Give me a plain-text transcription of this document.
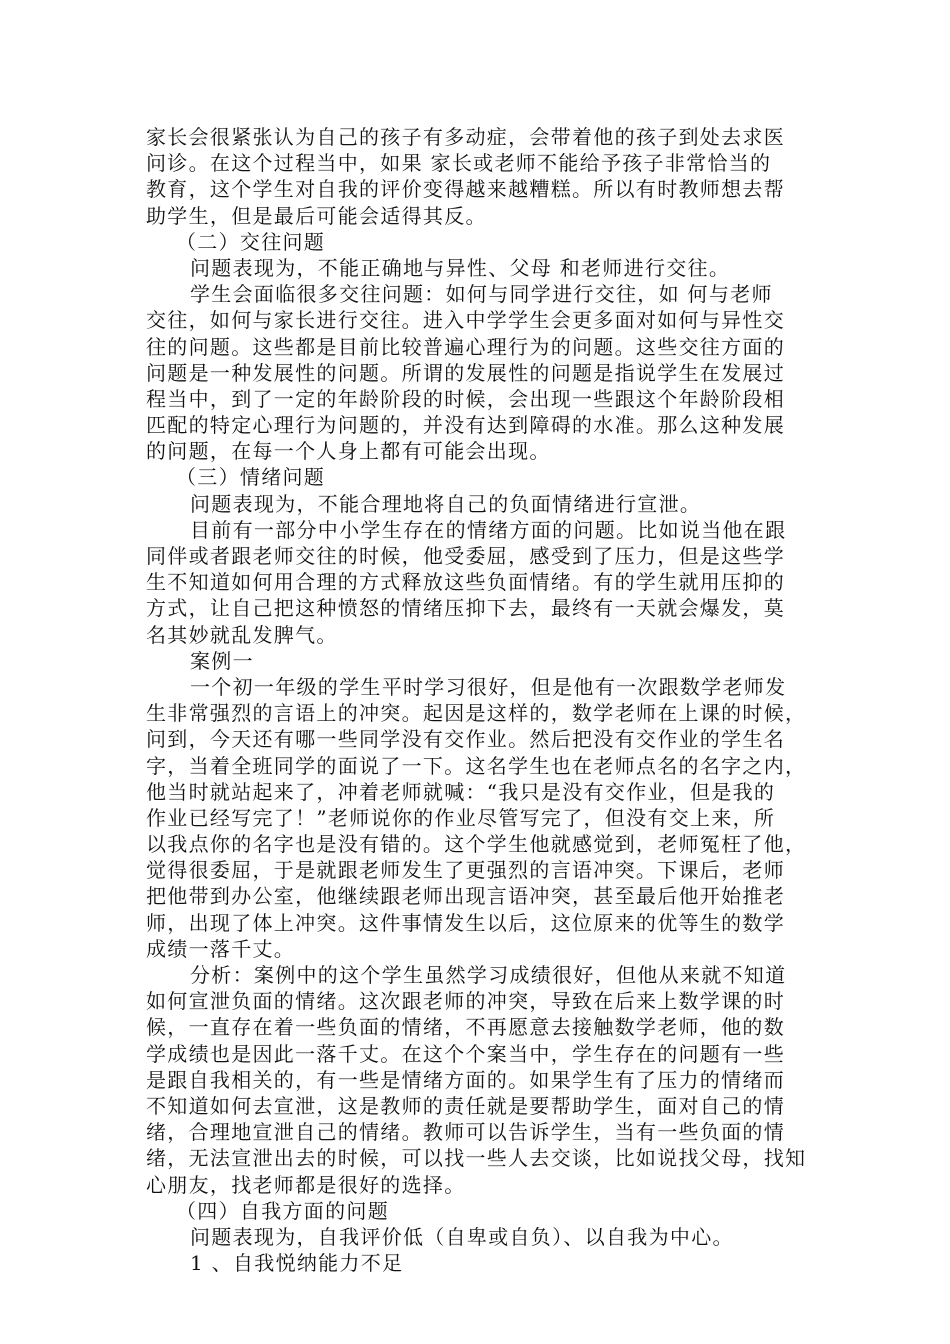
家长会很紧张认为自己的孩子有多动症，会带着他的孩子到处去求医
问诊。在这个过程当中，如果 家长或老师不能给予孩子非常恰当的
教育，这个学生对自我的评价变得越来越糟糕。所以有时教师想去帮
助学生，但是最后可能会适得其反。
（二）交往问题
问题表现为，不能正确地与异性、父母 和老师进行交往。
学生会面临很多交往问题：如何与同学进行交往，如 何与老师
交往，如何与家长进行交往。进入中学学生会更多面对如何与异性交
往的问题。这些都是目前比较普遍心理行为的问题。这些交往方面的
问题是一种发展性的问题。所谓的发展性的问题是指说学生在发展过
程当中，到了一定的年龄阶段的时候，会出现一些跟这个年龄阶段相
匹配的特定心理行为问题的，并没有达到障碍的水准。那么这种发展
的问题，在每一个人身上都有可能会出现。
（三）情绪问题
问题表现为，不能合理地将自己的负面情绪进行宣泄。
目前有一部分中小学生存在的情绪方面的问题。比如说当他在跟
同伴或者跟老师交往的时候，他受委屈，感受到了压力，但是这些学
生不知道如何用合理的方式释放这些负面情绪。有的学生就用压抑的
方式，让自己把这种愤怒的情绪压抑下去，最终有一天就会爆发，莫
名其妙就乱发脾气。
案例一
一个初一年级的学生平时学习很好，但是他有一次跟数学老师发
生非常强烈的言语上的冲突。起因是这样的，数学老师在上课的时候，
问到，今天还有哪一些同学没有交作业。然后把没有交作业的学生名
字，当着全班同学的面说了一下。这名学生也在老师点名的名字之内，
他当时就站起来了，冲着老师就喊：“我只是没有交作业，但是我的
作业已经写完了！”老师说你的作业尽管写完了，但没有交上来，所
以我点你的名字也是没有错的。这个学生他就感觉到，老师冤枉了他，
觉得很委屈，于是就跟老师发生了更强烈的言语冲突。下课后，老师
把他带到办公室，他继续跟老师出现言语冲突，甚至最后他开始推老
师，出现了体上冲突。这件事情发生以后，这位原来的优等生的数学
成绩一落千丈。
分析：案例中的这个学生虽然学习成绩很好，但他从来就不知道
如何宣泄负面的情绪。这次跟老师的冲突，导致在后来上数学课的时
候，一直存在着一些负面的情绪，不再愿意去接触数学老师，他的数
学成绩也是因此一落千丈。在这个个案当中，学生存在的问题有一些
是跟自我相关的，有一些是情绪方面的。如果学生有了压力的情绪而
不知道如何去宣泄，这是教师的责任就是要帮助学生，面对自己的情
绪，合理地宣泄自己的情绪。教师可以告诉学生，当有一些负面的情
绪，无法宣泄出去的时候，可以找一些人去交谈，比如说找父母，找知
心朋友，找老师都是很好的选择。
（四）自我方面的问题
问题表现为，自我评价低（自卑或自负）、以自我为中心。
1 、自我悦纳能力不足
